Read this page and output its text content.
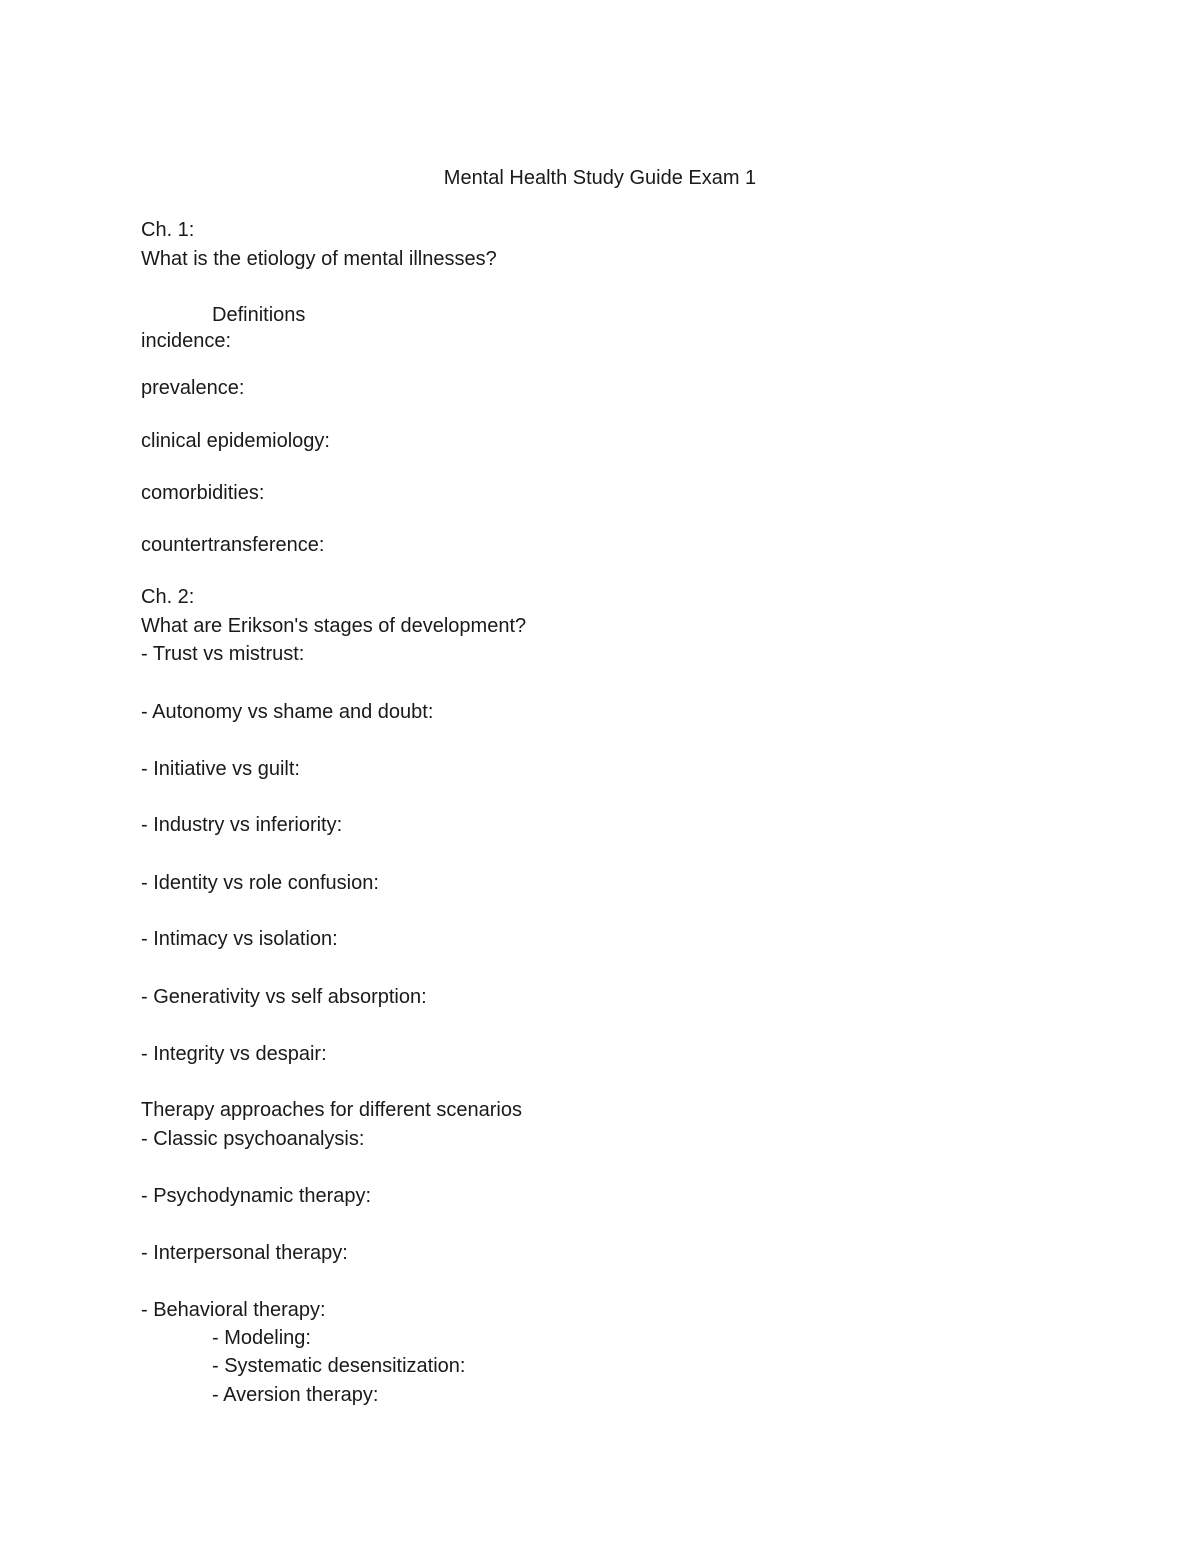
Mental Health Study Guide Exam 1
Ch. 1:
What is the etiology of mental illnesses?
Definitions
incidence:
prevalence:
clinical epidemiology:
comorbidities:
countertransference:
Ch. 2:
What are Erikson's stages of development?
- Trust vs mistrust:
- Autonomy vs shame and doubt:
- Initiative vs guilt:
- Industry vs inferiority:
- Identity vs role confusion:
- Intimacy vs isolation:
- Generativity vs self absorption:
- Integrity vs despair:
Therapy approaches for different scenarios
- Classic psychoanalysis:
- Psychodynamic therapy:
- Interpersonal therapy:
- Behavioral therapy:
- Modeling:
- Systematic desensitization:
- Aversion therapy:
